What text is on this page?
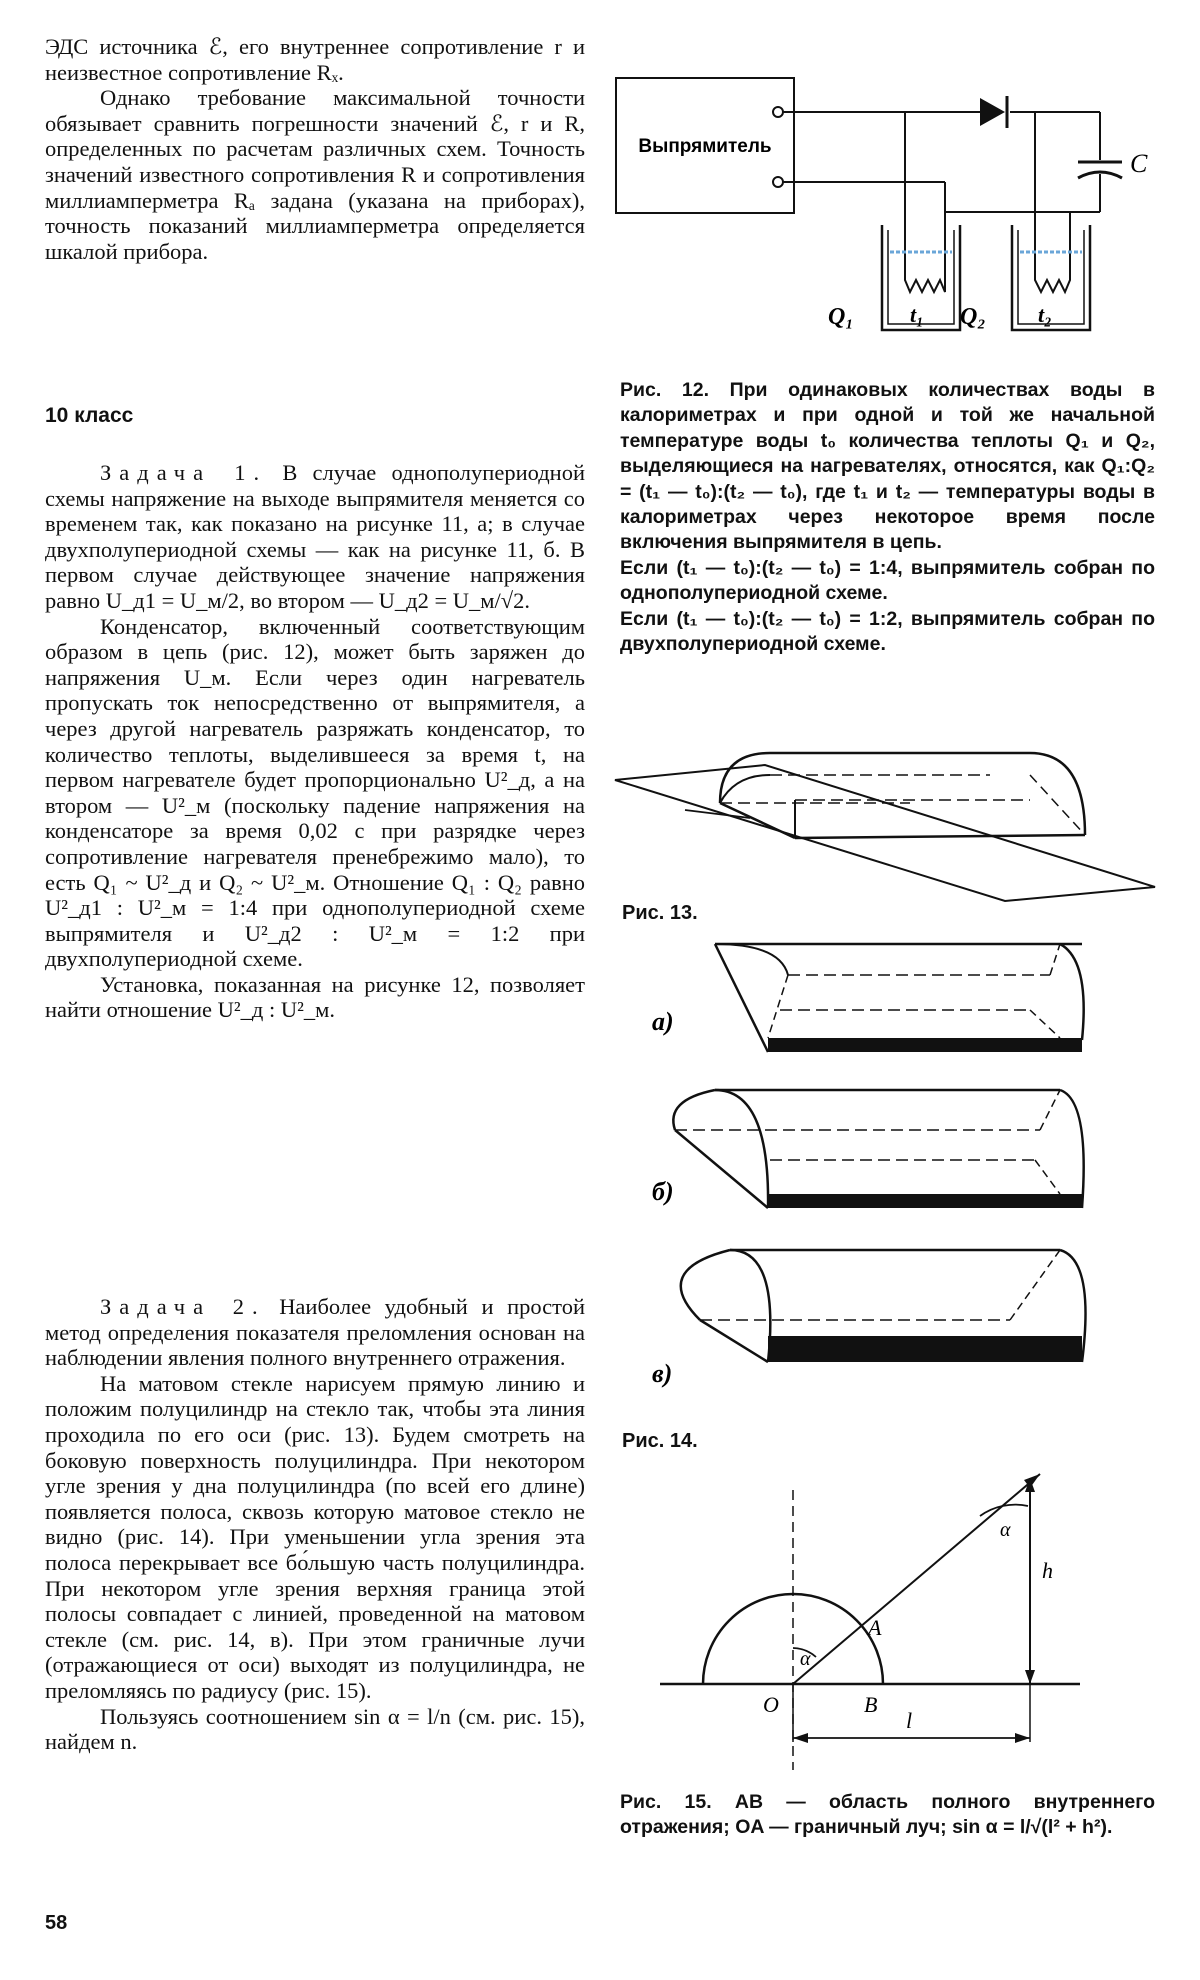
ЭДС источника ℰ, его внутреннее сопротивление r и неизвестное сопротивление Rₓ.

Однако требование максимальной точности обязывает сравнить погрешности значений ℰ, r и R, определенных по расчетам различных схем. Точность значений известного сопротивления R и сопротивления миллиамперметра Rₐ задана (указана на приборах), точность показаний миллиамперметра определяется шкалой прибора.

10 класс

Задача 1. В случае однополупериодной схемы напряжение на выходе выпрямителя меняется со временем так, как показано на рисунке 11, а; в случае двухполупериодной схемы — как на рисунке 11, б. В первом случае действующее значение напряжения равно U_д1 = U_м/2, во втором — U_д2 = U_м/√2.

Конденсатор, включенный соответствующим образом в цепь (рис. 12), может быть заряжен до напряжения U_м. Если через один нагреватель пропускать ток непосредственно от выпрямителя, а через другой нагреватель разряжать конденсатор, то количество теплоты, выделившееся за время t, на первом нагревателе будет пропорционально U²_д, а на втором — U²_м (поскольку падение напряжения на конденсаторе за время 0,02 с при разрядке через сопротивление нагревателя пренебрежимо мало), то есть Q₁ ~ U²_д и Q₂ ~ U²_м. Отношение Q₁ : Q₂ равно U²_д1 : U²_м = 1:4 при однополупериодной схеме выпрямителя и U²_д2 : U²_м = 1:2 при двухполупериодной схеме.

Установка, показанная на рисунке 12, позволяет найти отношение U²_д : U²_м.

Задача 2. Наиболее удобный и простой метод определения показателя преломления основан на наблюдении явления полного внутреннего отражения.

На матовом стекле нарисуем прямую линию и положим полуцилиндр на стекло так, чтобы эта линия проходила по его оси (рис. 13). Будем смотреть на боковую поверхность полуцилиндра. При некотором угле зрения у дна полуцилиндра (по всей его длине) появляется полоса, сквозь которую матовое стекло не видно (рис. 14). При уменьшении угла зрения эта полоса перекрывает все бо́льшую часть полуцилиндра. При некотором угле зрения верхняя граница этой полосы совпадает с линией, проведенной на матовом стекле (см. рис. 14, в). При этом граничные лучи (отражающиеся от оси) выходят из полуцилиндра, не преломляясь по радиусу (рис. 15).

Пользуясь соотношением sin α = l/n (см. рис. 15), найдем n.

58
Выпрямитель
C
Q₁	t₁ Q₂ t₂

Рис. 12. При одинаковых количествах воды в калориметрах и при одной и той же начальной температуре воды t₀ количества теплоты Q₁ и Q₂, выделяющиеся на нагревателях, относятся, как Q₁:Q₂ = (t₁ — t₀):(t₂ — t₀), где t₁ и t₂ — температуры воды в калориметрах через некоторое время после включения выпрямителя в цепь.

Если (t₁ — t₀):(t₂ — t₀) = 1:4, выпрямитель собран по однополупериодной схеме.

Если (t₁ — t₀):(t₂ — t₀) = 1:2, выпрямитель собран по двухполупериодной схеме.

Рис. 13.
а)
б)
в)
Рис. 14.
O
A
B
l
h
α
α

Рис. 15. AB — область полного внутреннего отражения; OA — граничный луч; sin α = l/√(l² + h²).
